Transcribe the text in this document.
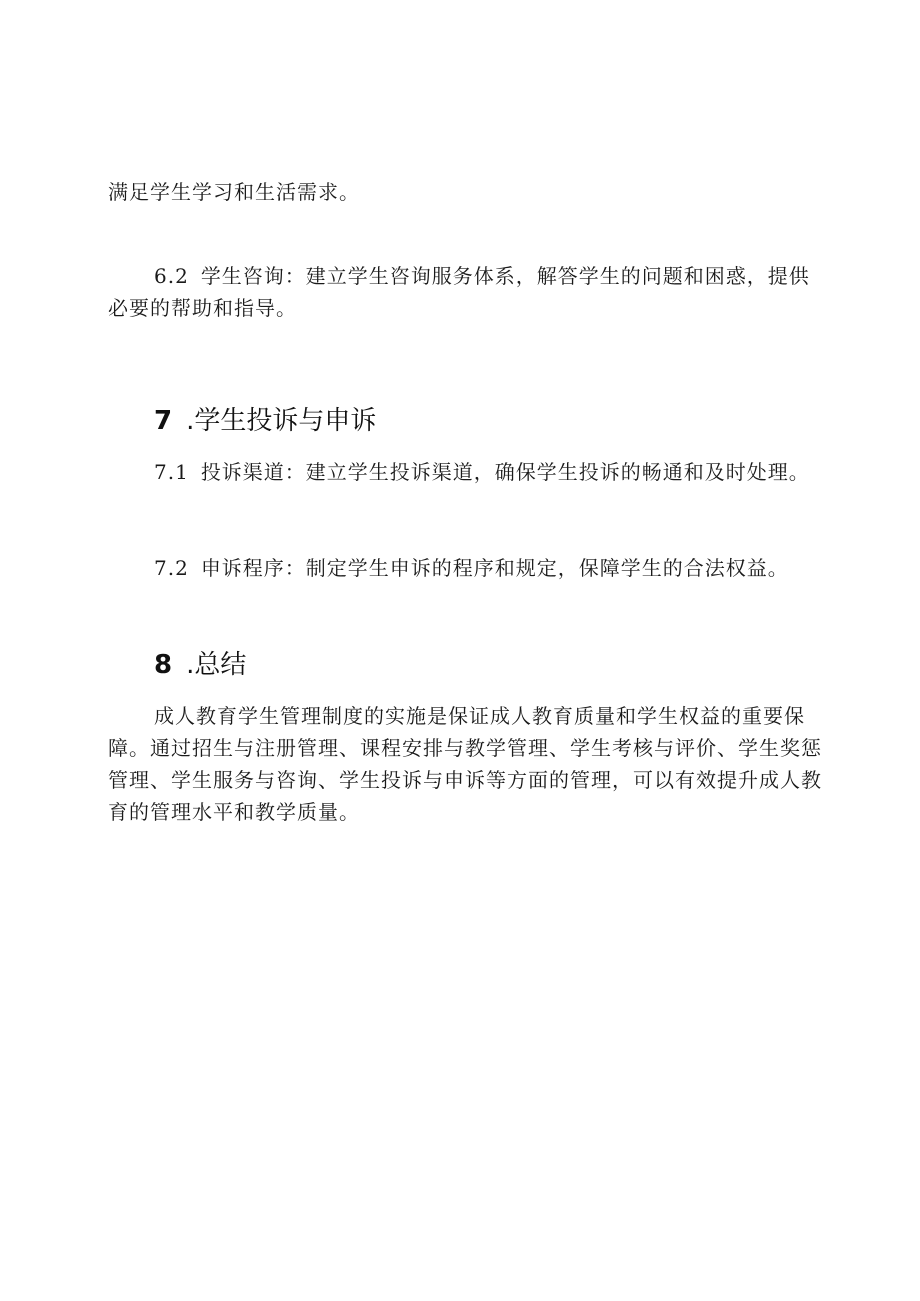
满足学生学习和生活需求。

6.2 学生咨询：建立学生咨询服务体系，解答学生的问题和困惑，提供必要的帮助和指导。

7 .学生投诉与申诉

7.1 投诉渠道：建立学生投诉渠道，确保学生投诉的畅通和及时处理。

7.2 申诉程序：制定学生申诉的程序和规定，保障学生的合法权益。

8 .总结

成人教育学生管理制度的实施是保证成人教育质量和学生权益的重要保障。通过招生与注册管理、课程安排与教学管理、学生考核与评价、学生奖惩管理、学生服务与咨询、学生投诉与申诉等方面的管理，可以有效提升成人教育的管理水平和教学质量。
